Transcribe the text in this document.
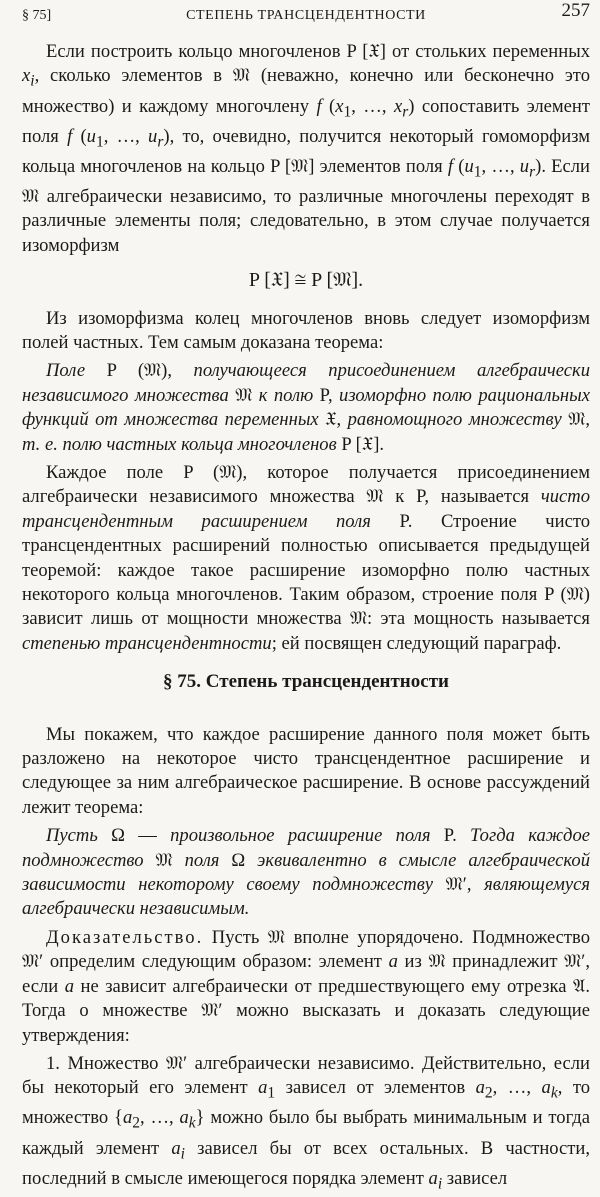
§ 75]	СТЕПЕНЬ ТРАНСЦЕНДЕНТНОСТИ	257

Если построить кольцо многочленов P [𝔛] от стольких переменных $x_i$, сколько элементов в 𝔐 (неважно, конечно или бесконечно это множество) и каждому многочлену f ($x_1$, …, $x_r$) сопоставить элемент поля f ($u_1$, …, $u_r$), то, очевидно, получится некоторый гомоморфизм кольца многочленов на кольцо P [𝔐] элементов поля f ($u_1$, …, $u_r$). Если 𝔐 алгебраически независимо, то различные многочлены переходят в различные элементы поля; следовательно, в этом случае получается изоморфизм

P [𝔛] ≅ P [𝔐].

Из изоморфизма колец многочленов вновь следует изоморфизм полей частных. Тем самым доказана теорема:

Поле P (𝔐), получающееся присоединением алгебраически независимого множества 𝔐 к полю P, изоморфно полю рациональных функций от множества переменных 𝔛, равномощного множеству 𝔐, т. е. полю частных кольца многочленов P [𝔛].

Каждое поле P (𝔐), которое получается присоединением алгебраически независимого множества 𝔐 к P, называется чисто трансцендентным расширением поля P. Строение чисто трансцендентных расширений полностью описывается предыдущей теоремой: каждое такое расширение изоморфно полю частных некоторого кольца многочленов. Таким образом, строение поля P (𝔐) зависит лишь от мощности множества 𝔐: эта мощность называется степенью трансцендентности; ей посвящен следующий параграф.

§ 75. Степень трансцендентности

Мы покажем, что каждое расширение данного поля может быть разложено на некоторое чисто трансцендентное расширение и следующее за ним алгебраическое расширение. В основе рассуждений лежит теорема:

Пусть Ω — произвольное расширение поля P. Тогда каждое подмножество 𝔐 поля Ω эквивалентно в смысле алгебраической зависимости некоторому своему подмножеству 𝔐′, являющемуся алгебраически независимым.

Доказательство. Пусть 𝔐 вполне упорядочено. Подмножество 𝔐′ определим следующим образом: элемент a из 𝔐 принадлежит 𝔐′, если a не зависит алгебраически от предшествующего ему отрезка 𝔄. Тогда о множестве 𝔐′ можно высказать и доказать следующие утверждения:

1. Множество 𝔐′ алгебраически независимо. Действительно, если бы некоторый его элемент $a_1$ зависел от элементов $a_2$, …, $a_k$, то множество {$a_2$, …, $a_k$} можно было бы выбрать минимальным и тогда каждый элемент $a_i$ зависел бы от всех остальных. В частности, последний в смысле имеющегося порядка элемент $a_i$ зависел
